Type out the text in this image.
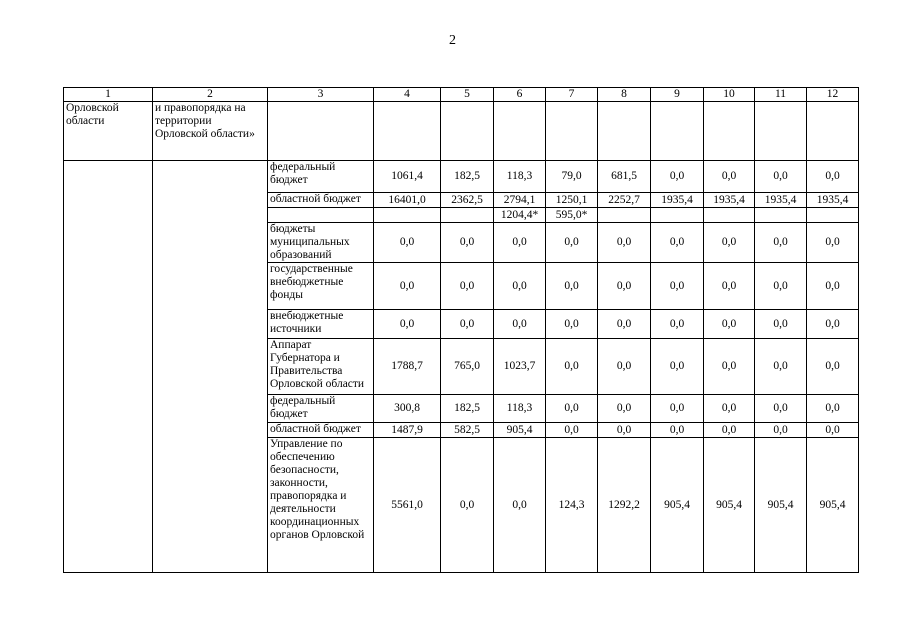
2
1	2	3	4	5	6	7	8	9	10	11	12
Орловской области	и правопорядка на территории Орловской области»										
		федеральный бюджет	1061,4	182,5	118,3	79,0	681,5	0,0	0,0	0,0	0,0
		областной бюджет	16401,0	2362,5	2794,1	1250,1	2252,7	1935,4	1935,4	1935,4	1935,4
					1204,4*	595,0*					
		бюджеты муниципальных образований	0,0	0,0	0,0	0,0	0,0	0,0	0,0	0,0	0,0
		государственные внебюджетные фонды	0,0	0,0	0,0	0,0	0,0	0,0	0,0	0,0	0,0
		внебюджетные источники	0,0	0,0	0,0	0,0	0,0	0,0	0,0	0,0	0,0
		Аппарат Губернатора и Правительства Орловской области	1788,7	765,0	1023,7	0,0	0,0	0,0	0,0	0,0	0,0
		федеральный бюджет	300,8	182,5	118,3	0,0	0,0	0,0	0,0	0,0	0,0
		областной бюджет	1487,9	582,5	905,4	0,0	0,0	0,0	0,0	0,0	0,0
		Управление по обеспечению безопасности, законности, правопорядка и деятельности координационных органов Орловской	5561,0	0,0	0,0	124,3	1292,2	905,4	905,4	905,4	905,4
